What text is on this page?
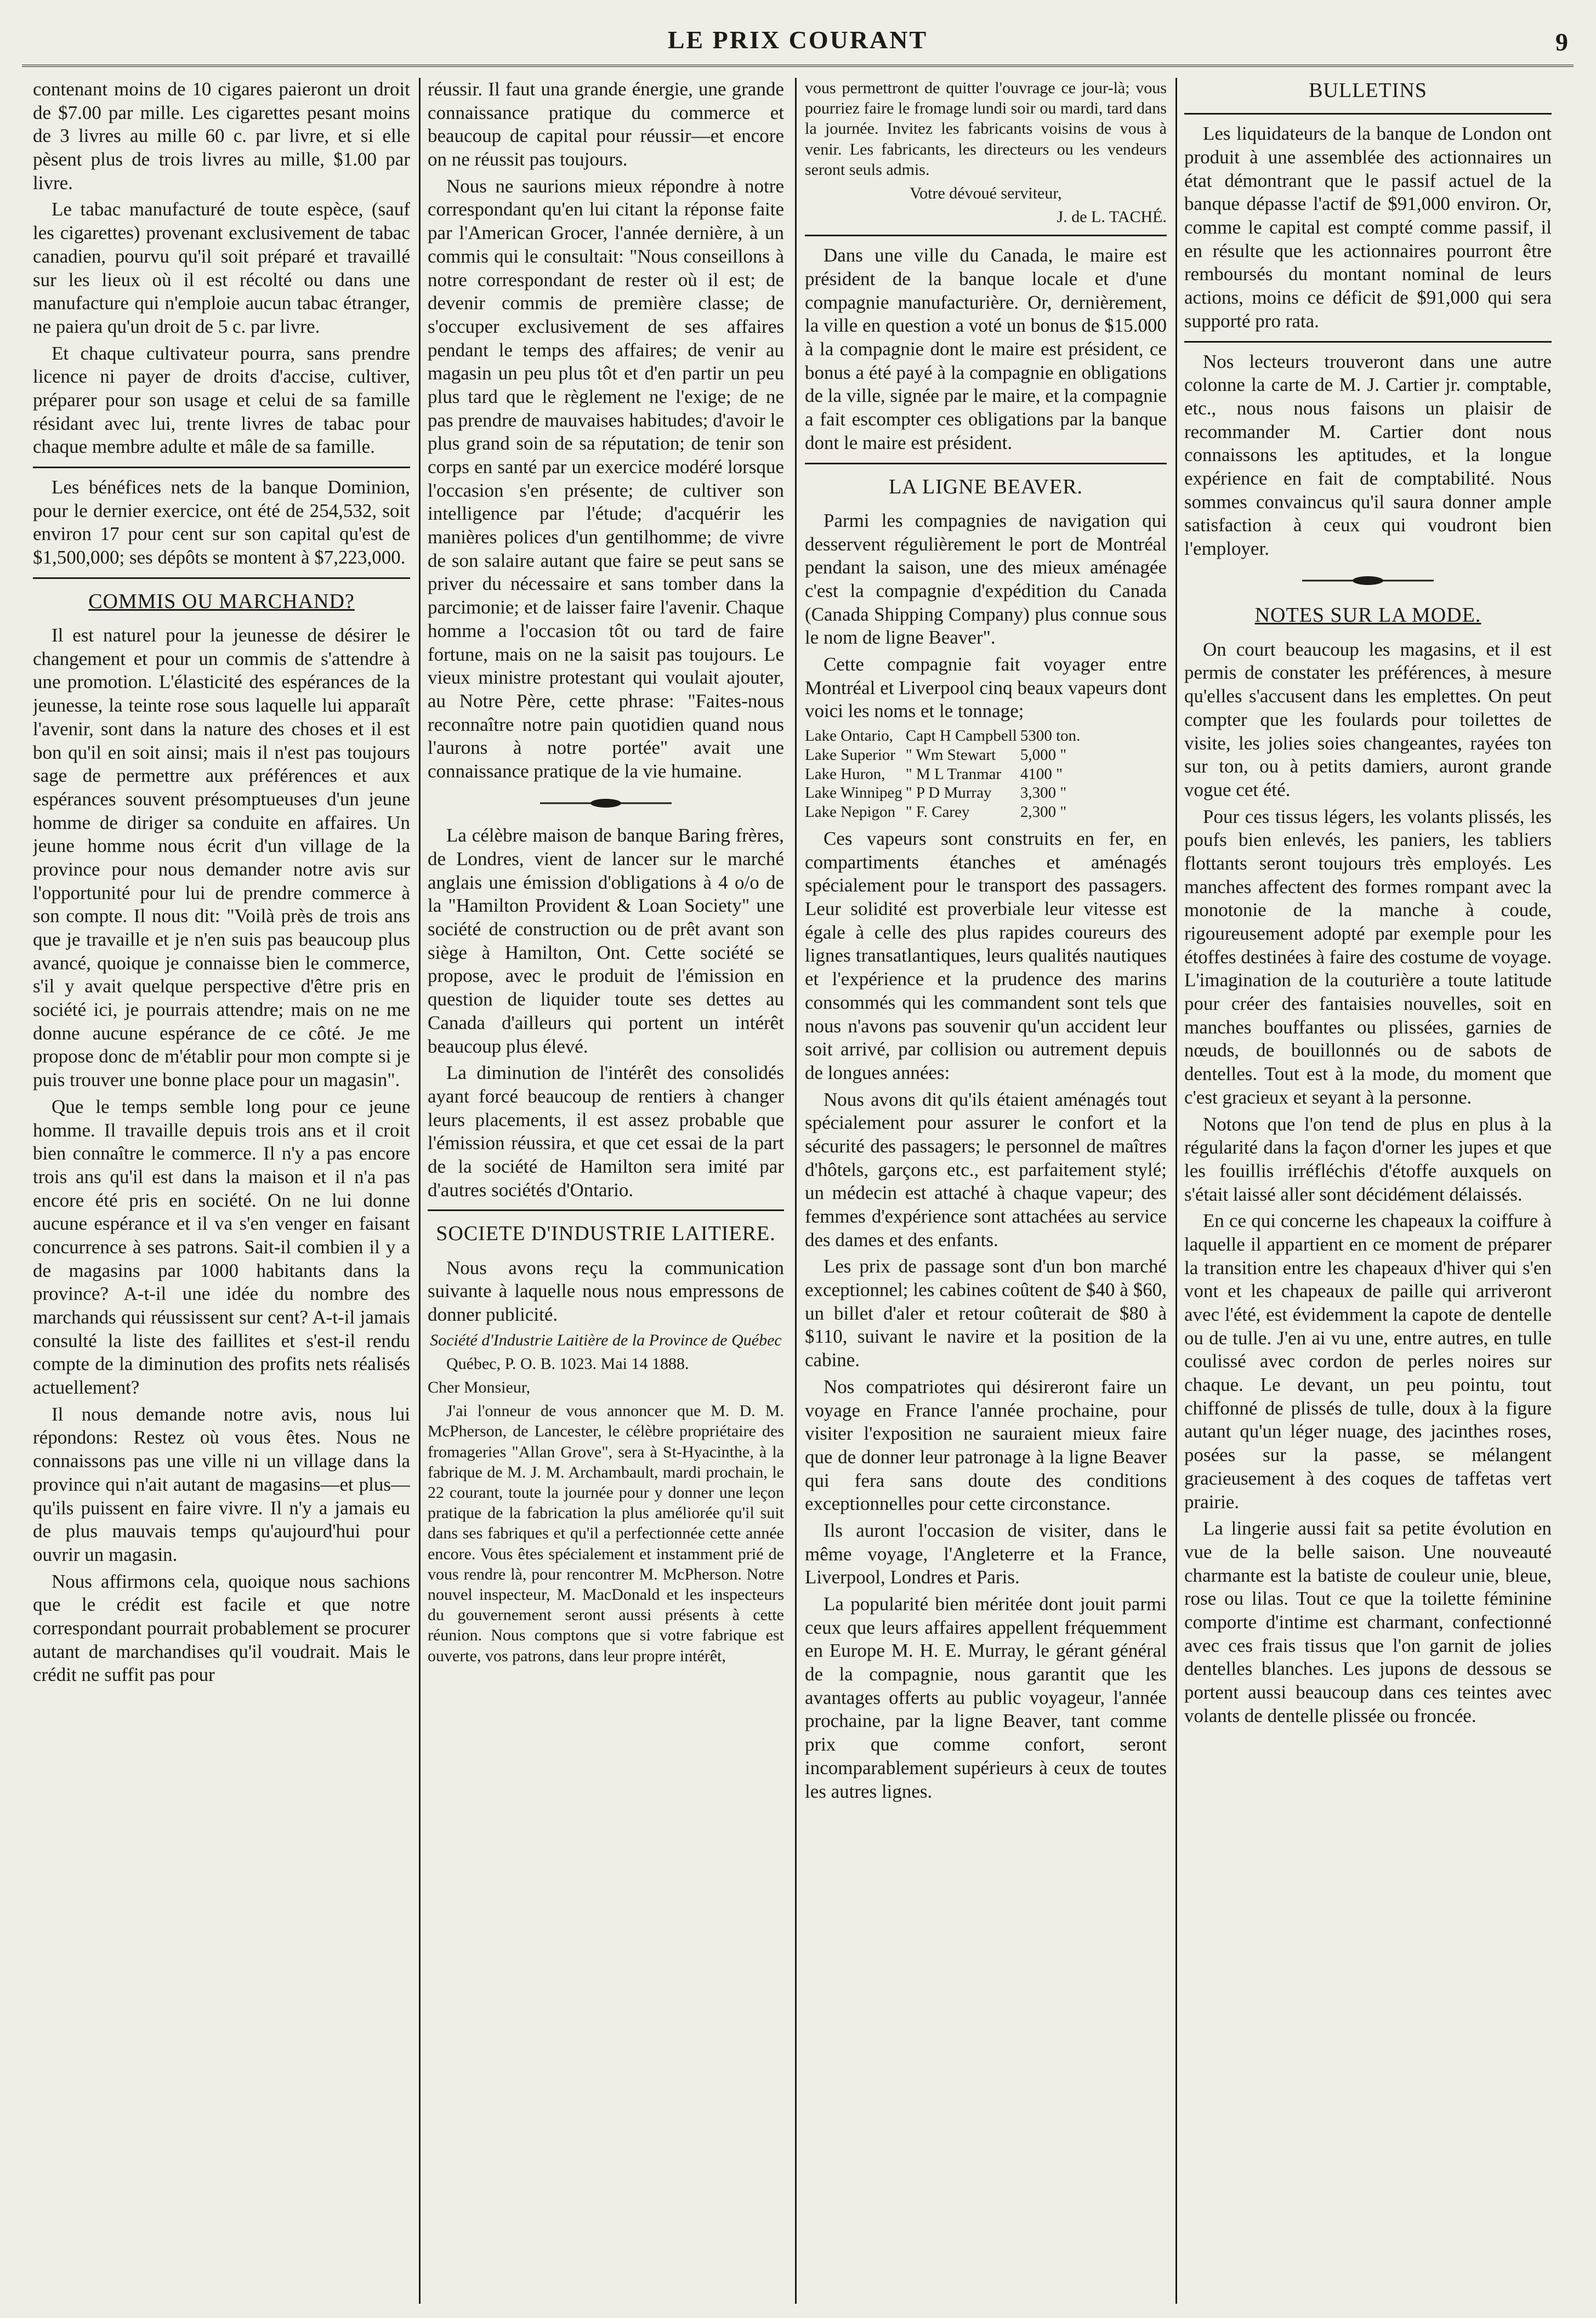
LE PRIX COURANT	9

contenant moins de 10 cigares paieront un droit de $7.00 par mille. Les cigarettes pesant moins de 3 livres au mille 60 c. par livre, et si elle pèsent plus de trois livres au mille, $1.00 par livre.

Le tabac manufacturé de toute espèce, (sauf les cigarettes) provenant exclusivement de tabac canadien, pourvu qu'il soit préparé et travaillé sur les lieux où il est récolté ou dans une manufacture qui n'emploie aucun tabac étranger, ne paiera qu'un droit de 5 c. par livre.

Et chaque cultivateur pourra, sans prendre licence ni payer de droits d'accise, cultiver, préparer pour son usage et celui de sa famille résidant avec lui, trente livres de tabac pour chaque membre adulte et mâle de sa famille.

Les bénéfices nets de la banque Dominion, pour le dernier exercice, ont été de 254,532, soit environ 17 pour cent sur son capital qu'est de $1,500,000; ses dépôts se montent à $7,223,000.

COMMIS OU MARCHAND?

Il est naturel pour la jeunesse de désirer le changement et pour un commis de s'attendre à une promotion. L'élasticité des espérances de la jeunesse, la teinte rose sous laquelle lui apparaît l'avenir, sont dans la nature des choses et il est bon qu'il en soit ainsi; mais il n'est pas toujours sage de permettre aux préférences et aux espérances souvent présomptueuses d'un jeune homme de diriger sa conduite en affaires. Un jeune homme nous écrit d'un village de la province pour nous demander notre avis sur l'opportunité pour lui de prendre commerce à son compte. Il nous dit: "Voilà près de trois ans que je travaille et je n'en suis pas beaucoup plus avancé, quoique je connaisse bien le commerce, s'il y avait quelque perspective d'être pris en société ici, je pourrais attendre; mais on ne me donne aucune espérance de ce côté. Je me propose donc de m'établir pour mon compte si je puis trouver une bonne place pour un magasin".

Que le temps semble long pour ce jeune homme. Il travaille depuis trois ans et il croit bien connaître le commerce. Il n'y a pas encore trois ans qu'il est dans la maison et il n'a pas encore été pris en société. On ne lui donne aucune espérance et il va s'en venger en faisant concurrence à ses patrons. Sait-il combien il y a de magasins par 1000 habitants dans la province? A-t-il une idée du nombre des marchands qui réussissent sur cent? A-t-il jamais consulté la liste des faillites et s'est-il rendu compte de la diminution des profits nets réalisés actuellement?

Il nous demande notre avis, nous lui répondons: Restez où vous êtes. Nous ne connaissons pas une ville ni un village dans la province qui n'ait autant de magasins—et plus—qu'ils puissent en faire vivre. Il n'y a jamais eu de plus mauvais temps qu'aujourd'hui pour ouvrir un magasin.

Nous affirmons cela, quoique nous sachions que le crédit est facile et que notre correspondant pourrait probablement se procurer autant de marchandises qu'il voudrait. Mais le crédit ne suffit pas pour

réussir. Il faut una grande énergie, une grande connaissance pratique du commerce et beaucoup de capital pour réussir—et encore on ne réussit pas toujours.

Nous ne saurions mieux répondre à notre correspondant qu'en lui citant la réponse faite par l'American Grocer, l'année dernière, à un commis qui le consultait: "Nous conseillons à notre correspondant de rester où il est; de devenir commis de première classe; de s'occuper exclusivement de ses affaires pendant le temps des affaires; de venir au magasin un peu plus tôt et d'en partir un peu plus tard que le règlement ne l'exige; de ne pas prendre de mauvaises habitudes; d'avoir le plus grand soin de sa réputation; de tenir son corps en santé par un exercice modéré lorsque l'occasion s'en présente; de cultiver son intelligence par l'étude; d'acquérir les manières polices d'un gentilhomme; de vivre de son salaire autant que faire se peut sans se priver du nécessaire et sans tomber dans la parcimonie; et de laisser faire l'avenir. Chaque homme a l'occasion tôt ou tard de faire fortune, mais on ne la saisit pas toujours. Le vieux ministre protestant qui voulait ajouter, au Notre Père, cette phrase: "Faites-nous reconnaître notre pain quotidien quand nous l'aurons à notre portée" avait une connaissance pratique de la vie humaine.

La célèbre maison de banque Baring frères, de Londres, vient de lancer sur le marché anglais une émission d'obligations à 4 o/o de la "Hamilton Provident & Loan Society" une société de construction ou de prêt avant son siège à Hamilton, Ont. Cette société se propose, avec le produit de l'émission en question de liquider toute ses dettes au Canada d'ailleurs qui portent un intérêt beaucoup plus élevé.

La diminution de l'intérêt des consolidés ayant forcé beaucoup de rentiers à changer leurs placements, il est assez probable que l'émission réussira, et que cet essai de la part de la société de Hamilton sera imité par d'autres sociétés d'Ontario.

SOCIETE D'INDUSTRIE LAITIERE.

Nous avons reçu la communication suivante à laquelle nous nous empressons de donner publicité.

Société d'Industrie Laitière de la Province de Québec

Québec, P. O. B. 1023. Mai 14 1888.

Cher Monsieur,

J'ai l'onneur de vous annoncer que M. D. M. McPherson, de Lancester, le célèbre propriétaire des fromageries "Allan Grove", sera à St-Hyacinthe, à la fabrique de M. J. M. Archambault, mardi prochain, le 22 courant, toute la journée pour y donner une leçon pratique de la fabrication la plus améliorée qu'il suit dans ses fabriques et qu'il a perfectionnée cette année encore. Vous êtes spécialement et instamment prié de vous rendre là, pour rencontrer M. McPherson. Notre nouvel inspecteur, M. MacDonald et les inspecteurs du gouvernement seront aussi présents à cette réunion. Nous comptons que si votre fabrique est ouverte, vos patrons, dans leur propre intérêt,

vous permettront de quitter l'ouvrage ce jour-là; vous pourriez faire le fromage lundi soir ou mardi, tard dans la journée. Invitez les fabricants voisins de vous à venir. Les fabricants, les directeurs ou les vendeurs seront seuls admis.

Votre dévoué serviteur,

J. de L. TACHÉ.

Dans une ville du Canada, le maire est président de la banque locale et d'une compagnie manufacturière. Or, dernièrement, la ville en question a voté un bonus de $15.000 à la compagnie dont le maire est président, ce bonus a été payé à la compagnie en obligations de la ville, signée par le maire, et la compagnie a fait escompter ces obligations par la banque dont le maire est président.

LA LIGNE BEAVER.

Parmi les compagnies de navigation qui desservent régulièrement le port de Montréal pendant la saison, une des mieux aménagée c'est la compagnie d'expédition du Canada (Canada Shipping Company) plus connue sous le nom de ligne Beaver".

Cette compagnie fait voyager entre Montréal et Liverpool cinq beaux vapeurs dont voici les noms et le tonnage;

Lake Ontario,	Capt H Campbell	5300 ton.
Lake Superior	" Wm Stewart	5,000 "
Lake Huron,	" M L Tranmar	4100 "
Lake Winnipeg	" P D Murray	3,300 "
Lake Nepigon	" F. Carey	2,300 "

Ces vapeurs sont construits en fer, en compartiments étanches et aménagés spécialement pour le transport des passagers. Leur solidité est proverbiale leur vitesse est égale à celle des plus rapides coureurs des lignes transatlantiques, leurs qualités nautiques et l'expérience et la prudence des marins consommés qui les commandent sont tels que nous n'avons pas souvenir qu'un accident leur soit arrivé, par collision ou autrement depuis de longues années:

Nous avons dit qu'ils étaient aménagés tout spécialement pour assurer le confort et la sécurité des passagers; le personnel de maîtres d'hôtels, garçons etc., est parfaitement stylé; un médecin est attaché à chaque vapeur; des femmes d'expérience sont attachées au service des dames et des enfants.

Les prix de passage sont d'un bon marché exceptionnel; les cabines coûtent de $40 à $60, un billet d'aler et retour coûterait de $80 à $110, suivant le navire et la position de la cabine.

Nos compatriotes qui désireront faire un voyage en France l'année prochaine, pour visiter l'exposition ne sauraient mieux faire que de donner leur patronage à la ligne Beaver qui fera sans doute des conditions exceptionnelles pour cette circonstance.

Ils auront l'occasion de visiter, dans le même voyage, l'Angleterre et la France, Liverpool, Londres et Paris.

La popularité bien méritée dont jouit parmi ceux que leurs affaires appellent fréquemment en Europe M. H. E. Murray, le gérant général de la compagnie, nous garantit que les avantages offerts au public voyageur, l'année prochaine, par la ligne Beaver, tant comme prix que comme confort, seront incomparablement supérieurs à ceux de toutes les autres lignes.

BULLETINS

Les liquidateurs de la banque de London ont produit à une assemblée des actionnaires un état démontrant que le passif actuel de la banque dépasse l'actif de $91,000 environ. Or, comme le capital est compté comme passif, il en résulte que les actionnaires pourront être remboursés du montant nominal de leurs actions, moins ce déficit de $91,000 qui sera supporté pro rata.

Nos lecteurs trouveront dans une autre colonne la carte de M. J. Cartier jr. comptable, etc., nous nous faisons un plaisir de recommander M. Cartier dont nous connaissons les aptitudes, et la longue expérience en fait de comptabilité. Nous sommes convaincus qu'il saura donner ample satisfaction à ceux qui voudront bien l'employer.

NOTES SUR LA MODE.

On court beaucoup les magasins, et il est permis de constater les préférences, à mesure qu'elles s'accusent dans les emplettes. On peut compter que les foulards pour toilettes de visite, les jolies soies changeantes, rayées ton sur ton, ou à petits damiers, auront grande vogue cet été.

Pour ces tissus légers, les volants plissés, les poufs bien enlevés, les paniers, les tabliers flottants seront toujours très employés. Les manches affectent des formes rompant avec la monotonie de la manche à coude, rigoureusement adopté par exemple pour les étoffes destinées à faire des costume de voyage. L'imagination de la couturière a toute latitude pour créer des fantaisies nouvelles, soit en manches bouffantes ou plissées, garnies de nœuds, de bouillonnés ou de sabots de dentelles. Tout est à la mode, du moment que c'est gracieux et seyant à la personne.

Notons que l'on tend de plus en plus à la régularité dans la façon d'orner les jupes et que les fouillis irréfléchis d'étoffe auxquels on s'était laissé aller sont décidément délaissés.

En ce qui concerne les chapeaux la coiffure à laquelle il appartient en ce moment de préparer la transition entre les chapeaux d'hiver qui s'en vont et les chapeaux de paille qui arriveront avec l'été, est évidemment la capote de dentelle ou de tulle. J'en ai vu une, entre autres, en tulle coulissé avec cordon de perles noires sur chaque. Le devant, un peu pointu, tout chiffonné de plissés de tulle, doux à la figure autant qu'un léger nuage, des jacinthes roses, posées sur la passe, se mélangent gracieusement à des coques de taffetas vert prairie.

La lingerie aussi fait sa petite évolution en vue de la belle saison. Une nouveauté charmante est la batiste de couleur unie, bleue, rose ou lilas. Tout ce que la toilette féminine comporte d'intime est charmant, confectionné avec ces frais tissus que l'on garnit de jolies dentelles blanches. Les jupons de dessous se portent aussi beaucoup dans ces teintes avec volants de dentelle plissée ou froncée.
